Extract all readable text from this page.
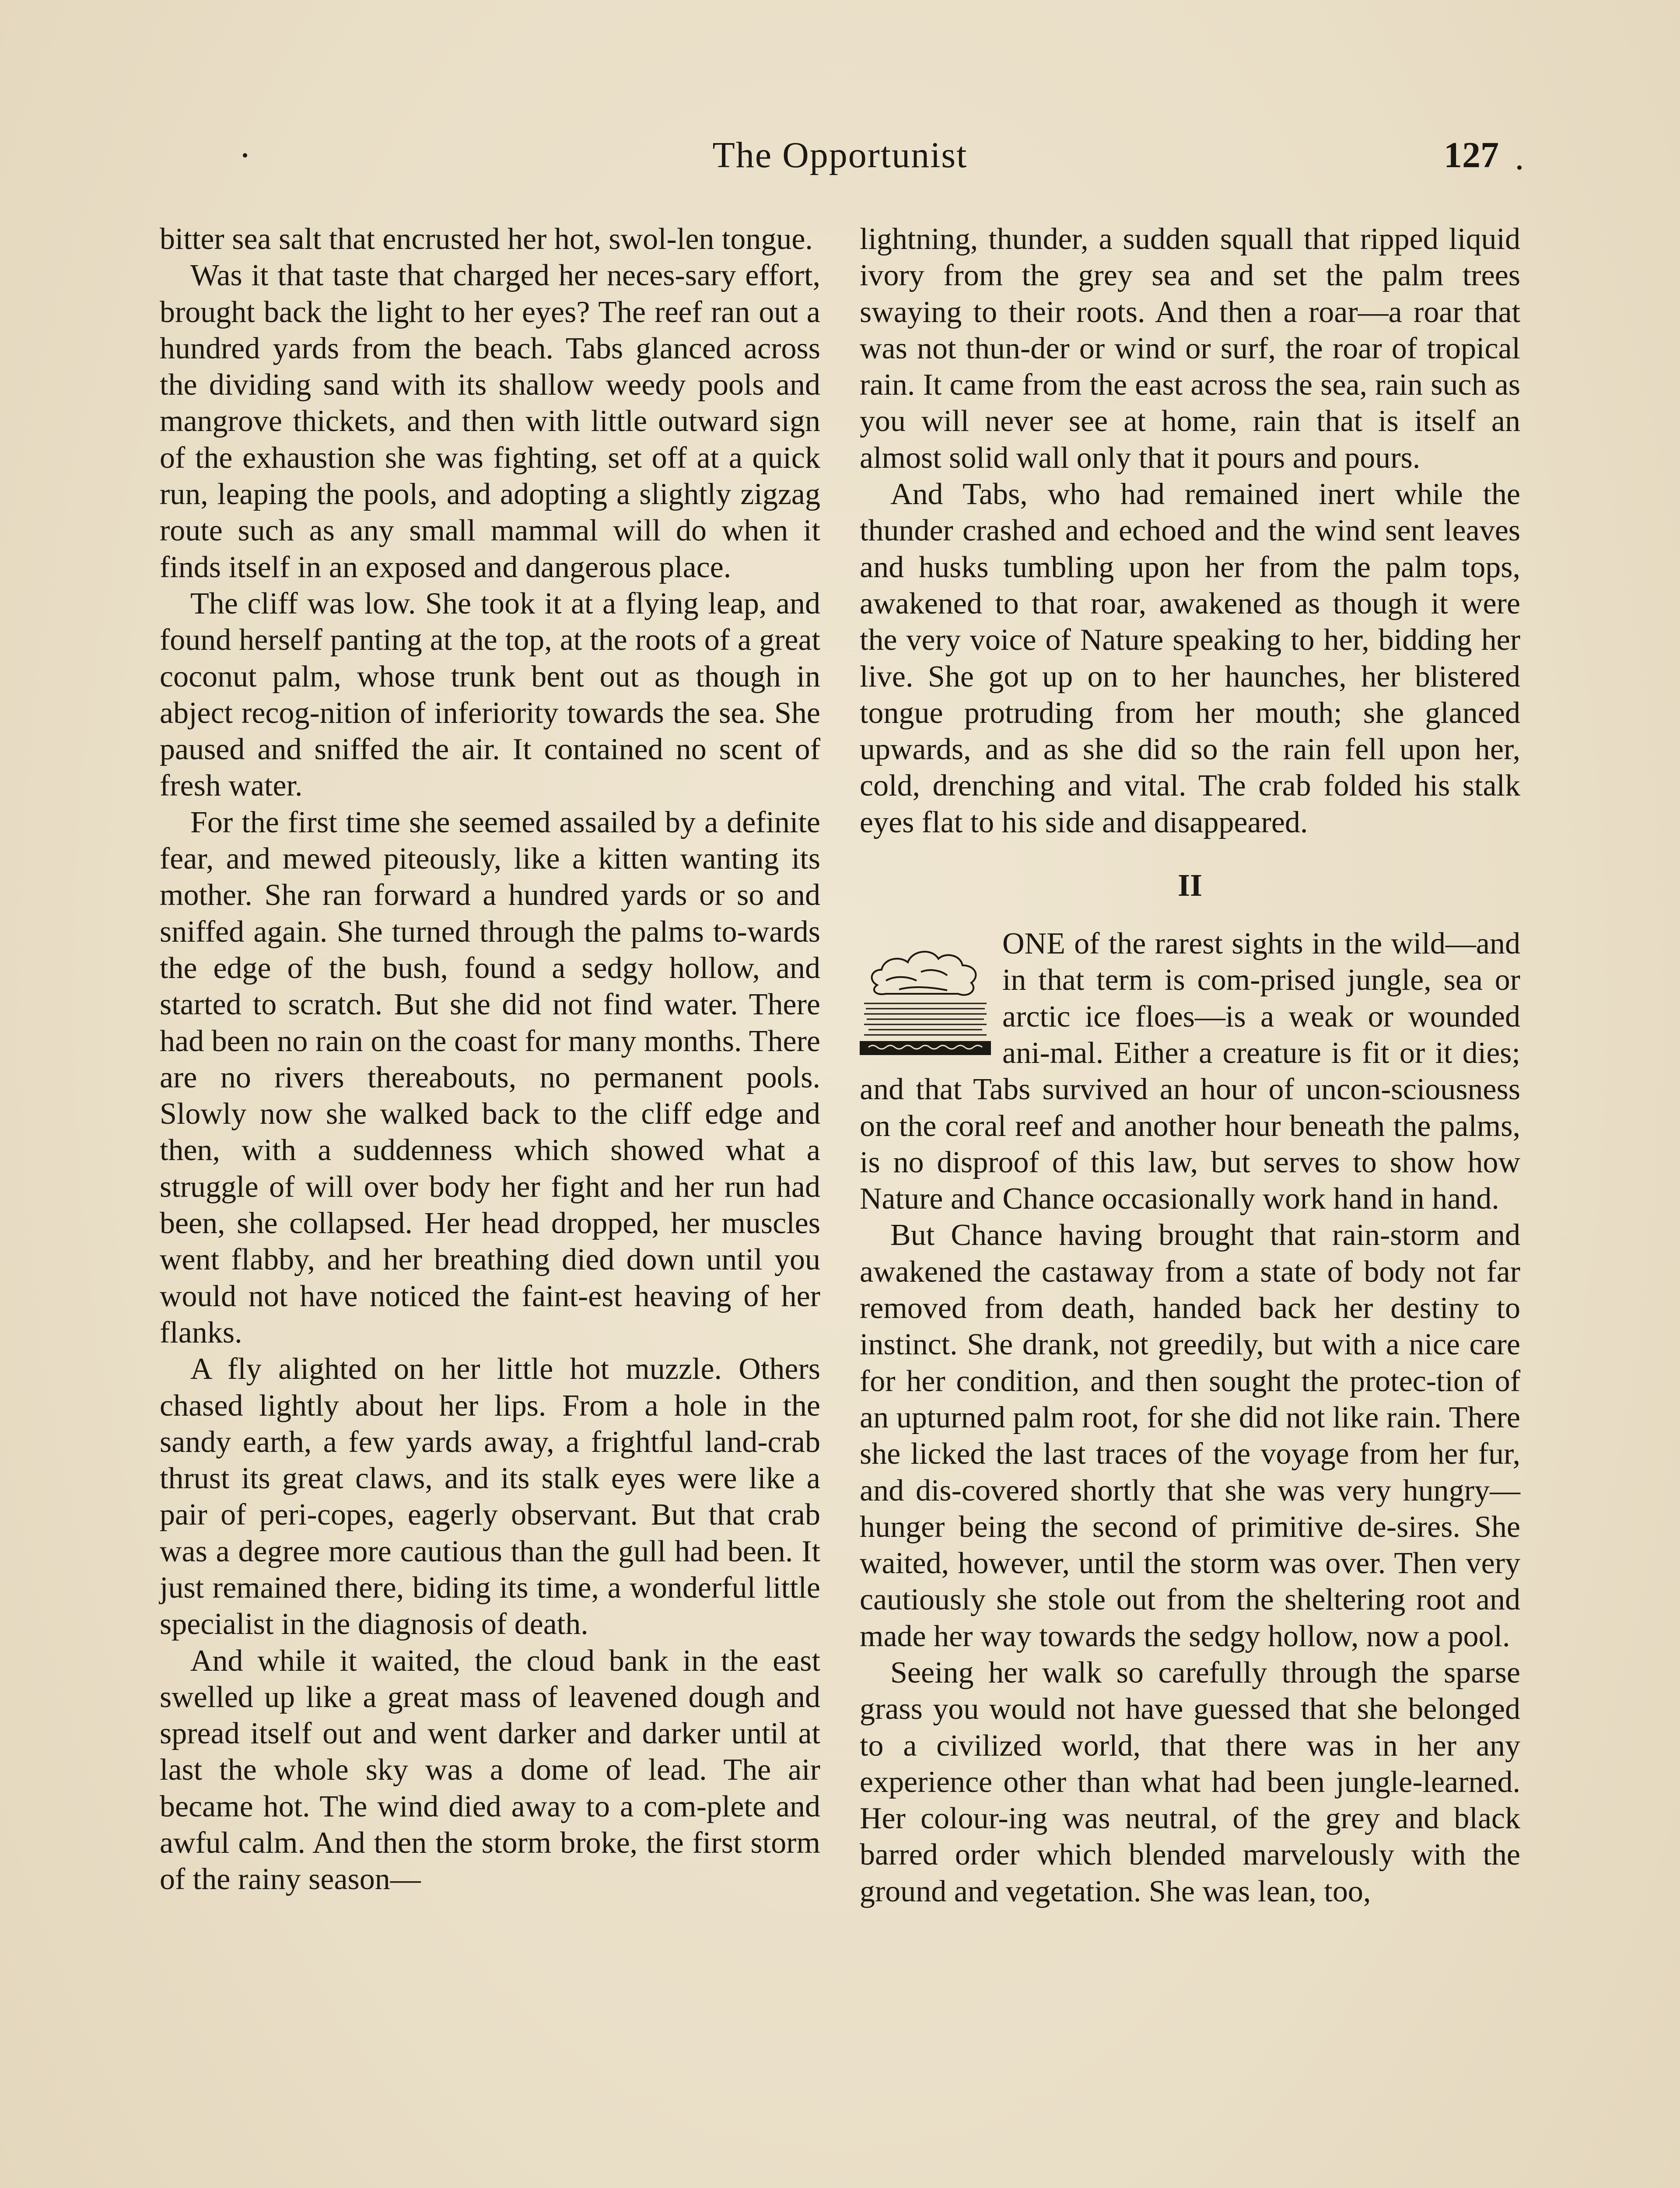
The Opportunist	127

bitter sea salt that encrusted her hot, swol-len tongue.

Was it that taste that charged her neces-sary effort, brought back the light to her eyes? The reef ran out a hundred yards from the beach. Tabs glanced across the dividing sand with its shallow weedy pools and mangrove thickets, and then with little outward sign of the exhaustion she was fighting, set off at a quick run, leaping the pools, and adopting a slightly zigzag route such as any small mammal will do when it finds itself in an exposed and dangerous place.

The cliff was low. She took it at a flying leap, and found herself panting at the top, at the roots of a great coconut palm, whose trunk bent out as though in abject recog-nition of inferiority towards the sea. She paused and sniffed the air. It contained no scent of fresh water.

For the first time she seemed assailed by a definite fear, and mewed piteously, like a kitten wanting its mother. She ran forward a hundred yards or so and sniffed again. She turned through the palms to-wards the edge of the bush, found a sedgy hollow, and started to scratch. But she did not find water. There had been no rain on the coast for many months. There are no rivers thereabouts, no permanent pools. Slowly now she walked back to the cliff edge and then, with a suddenness which showed what a struggle of will over body her fight and her run had been, she collapsed. Her head dropped, her muscles went flabby, and her breathing died down until you would not have noticed the faint-est heaving of her flanks.

A fly alighted on her little hot muzzle. Others chased lightly about her lips. From a hole in the sandy earth, a few yards away, a frightful land-crab thrust its great claws, and its stalk eyes were like a pair of peri-copes, eagerly observant. But that crab was a degree more cautious than the gull had been. It just remained there, biding its time, a wonderful little specialist in the diagnosis of death.

And while it waited, the cloud bank in the east swelled up like a great mass of leavened dough and spread itself out and went darker and darker until at last the whole sky was a dome of lead. The air became hot. The wind died away to a com-plete and awful calm. And then the storm broke, the first storm of the rainy season—

lightning, thunder, a sudden squall that ripped liquid ivory from the grey sea and set the palm trees swaying to their roots. And then a roar—a roar that was not thun-der or wind or surf, the roar of tropical rain. It came from the east across the sea, rain such as you will never see at home, rain that is itself an almost solid wall only that it pours and pours.

And Tabs, who had remained inert while the thunder crashed and echoed and the wind sent leaves and husks tumbling upon her from the palm tops, awakened to that roar, awakened as though it were the very voice of Nature speaking to her, bidding her live. She got up on to her haunches, her blistered tongue protruding from her mouth; she glanced upwards, and as she did so the rain fell upon her, cold, drenching and vital. The crab folded his stalk eyes flat to his side and disappeared.

II

ONE of the rarest sights in the wild—and in that term is com-prised jungle, sea or arctic ice floes—is a weak or wounded ani-mal. Either a creature is fit or it dies; and that Tabs survived an hour of uncon-sciousness on the coral reef and another hour beneath the palms, is no disproof of this law, but serves to show how Nature and Chance occasionally work hand in hand.

But Chance having brought that rain-storm and awakened the castaway from a state of body not far removed from death, handed back her destiny to instinct. She drank, not greedily, but with a nice care for her condition, and then sought the protec-tion of an upturned palm root, for she did not like rain. There she licked the last traces of the voyage from her fur, and dis-covered shortly that she was very hungry—hunger being the second of primitive de-sires. She waited, however, until the storm was over. Then very cautiously she stole out from the sheltering root and made her way towards the sedgy hollow, now a pool.

Seeing her walk so carefully through the sparse grass you would not have guessed that she belonged to a civilized world, that there was in her any experience other than what had been jungle-learned. Her colour-ing was neutral, of the grey and black barred order which blended marvelously with the ground and vegetation. She was lean, too,
